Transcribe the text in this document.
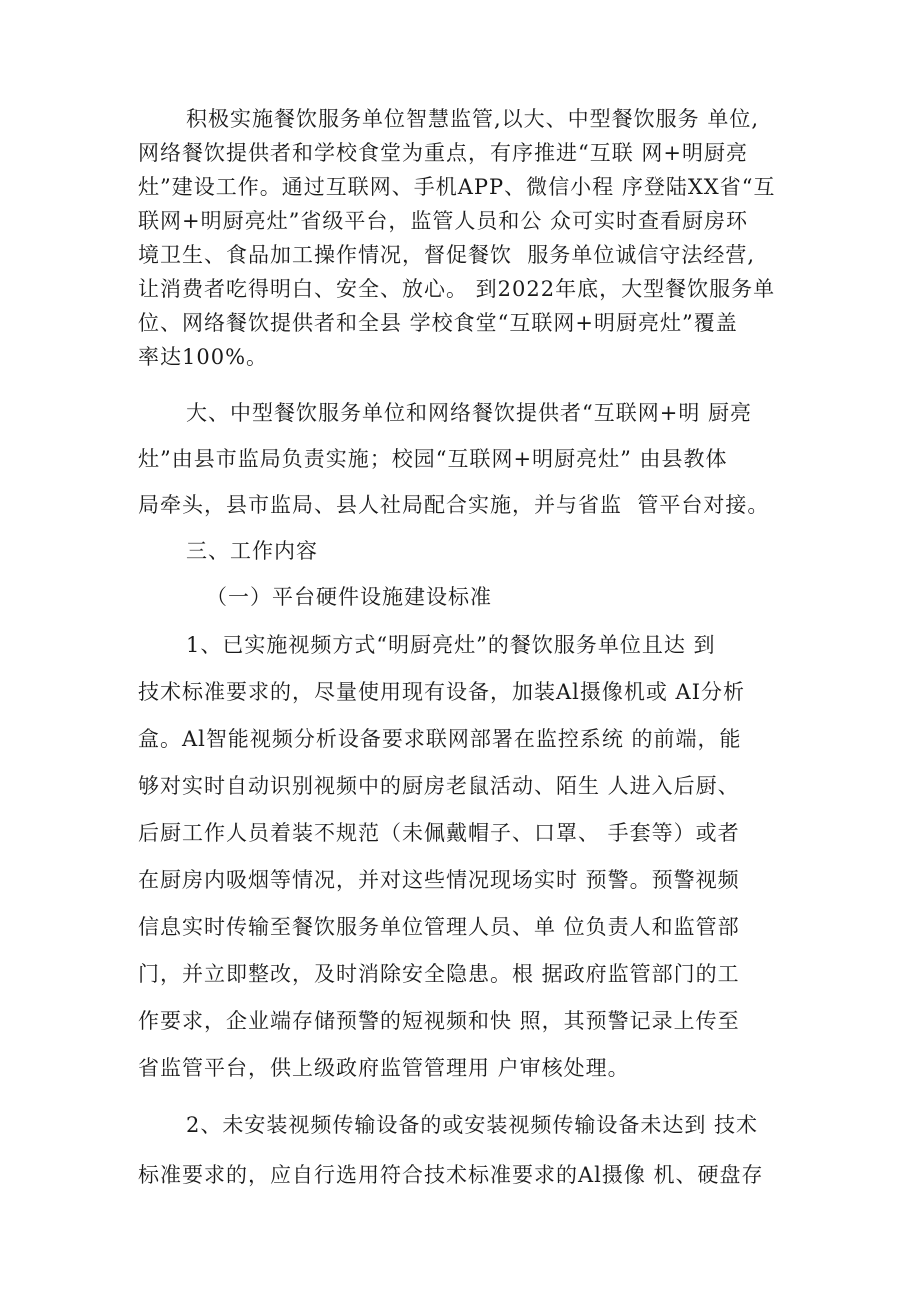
积极实施餐饮服务单位智慧监管,以大、中型餐饮服务 单位,
网络餐饮提供者和学校食堂为重点，有序推进“互联 网+明厨亮
灶”建设工作。通过互联网、手机APP、微信小程 序登陆XX省“互
联网+明厨亮灶”省级平台，监管人员和公 众可实时查看厨房环
境卫生、食品加工操作情况，督促餐饮  服务单位诚信守法经营,
让消费者吃得明白、安全、放心。 到2022年底，大型餐饮服务单
位、网络餐饮提供者和全县 学校食堂“互联网+明厨亮灶”覆盖
率达100%。
大、中型餐饮服务单位和网络餐饮提供者“互联网+明 厨亮
灶”由县市监局负责实施；校园“互联网+明厨亮灶” 由县教体
局牵头，县市监局、县人社局配合实施，并与省监  管平台对接。
三、工作内容
（一）平台硬件设施建设标准
1、已实施视频方式“明厨亮灶”的餐饮服务单位且达 到
技术标准要求的，尽量使用现有设备，加装Al摄像机或 AI分析
盒。Al智能视频分析设备要求联网部署在监控系统 的前端，能
够对实时自动识别视频中的厨房老鼠活动、陌生 人进入后厨、
后厨工作人员着装不规范（未佩戴帽子、口罩、 手套等）或者
在厨房内吸烟等情况，并对这些情况现场实时 预警。预警视频
信息实时传输至餐饮服务单位管理人员、单 位负责人和监管部
门，并立即整改，及时消除安全隐患。根 据政府监管部门的工
作要求，企业端存储预警的短视频和快 照，其预警记录上传至
省监管平台，供上级政府监管管理用 户审核处理。
2、未安装视频传输设备的或安装视频传输设备未达到 技术
标准要求的，应自行选用符合技术标准要求的Al摄像 机、硬盘存
